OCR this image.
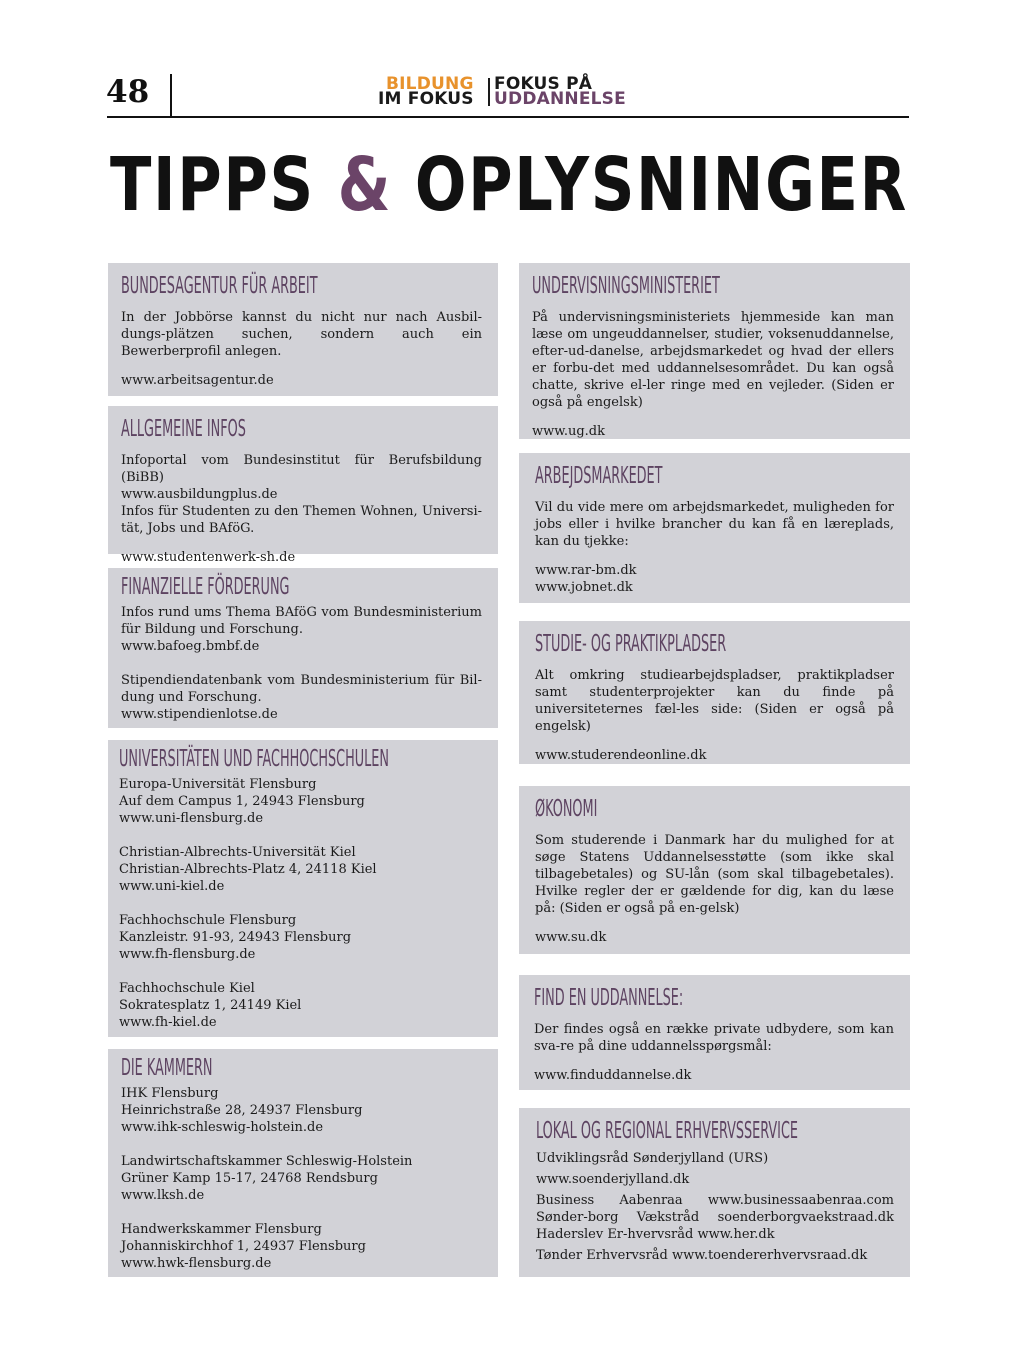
48	BILDUNG
IM FOKUS
FOKUS PÅ
UDDANNELSE
TIPPS & OPLYSNINGER
BUNDESAGENTUR FÜR ARBEIT

In der Jobbörse kannst du nicht nur nach Ausbil-dungs-plätzen suchen, sondern auch ein Bewerberprofil anlegen.

www.arbeitsagentur.de

ALLGEMEINE INFOS

Infoportal vom Bundesinstitut für Berufsbildung (BiBB)
www.ausbildungplus.de
Infos für Studenten zu den Themen Wohnen, Universi-tät, Jobs und BAföG.

www.studentenwerk-sh.de

FINANZIELLE FÖRDERUNG

Infos rund ums Thema BAföG vom Bundesministerium für Bildung und Forschung.
www.bafoeg.bmbf.de

Stipendiendatenbank vom Bundesministerium für Bil-dung und Forschung.
www.stipendienlotse.de

UNIVERSITÄTEN UND FACHHOCHSCHULEN

Europa-Universität Flensburg
Auf dem Campus 1, 24943 Flensburg
www.uni-flensburg.de

Christian-Albrechts-Universität Kiel
Christian-Albrechts-Platz 4, 24118 Kiel
www.uni-kiel.de

Fachhochschule Flensburg
Kanzleistr. 91-93, 24943 Flensburg
www.fh-flensburg.de

Fachhochschule Kiel
Sokratesplatz 1, 24149 Kiel
www.fh-kiel.de

DIE KAMMERN

IHK Flensburg
Heinrichstraße 28, 24937 Flensburg
www.ihk-schleswig-holstein.de

Landwirtschaftskammer Schleswig-Holstein
Grüner Kamp 15-17, 24768 Rendsburg
www.lksh.de

Handwerkskammer Flensburg
Johanniskirchhof 1, 24937 Flensburg
www.hwk-flensburg.de

UNDERVISNINGSMINISTERIET

På undervisningsministeriets hjemmeside kan man læse om ungeuddannelser, studier, voksenuddannelse, efter-ud-danelse, arbejdsmarkedet og hvad der ellers er forbu-det med uddannelsesområdet. Du kan også chatte, skrive el-ler ringe med en vejleder. (Siden er også på engelsk)

www.ug.dk

ARBEJDSMARKEDET

Vil du vide mere om arbejdsmarkedet, muligheden for jobs eller i hvilke brancher du kan få en læreplads, kan du tjekke:

www.rar-bm.dk
www.jobnet.dk

STUDIE- OG PRAKTIKPLADSER

Alt omkring studiearbejdspladser, praktikpladser samt studenterprojekter kan du finde på universiteternes fæl-les side: (Siden er også på engelsk)

www.studerendeonline.dk

ØKONOMI

Som studerende i Danmark har du mulighed for at søge Statens Uddannelsesstøtte (som ikke skal tilbagebetales) og SU-lån (som skal tilbagebetales). Hvilke regler der er gældende for dig, kan du læse på: (Siden er også på en-gelsk)

www.su.dk

FIND EN UDDANNELSE:

Der findes også en række private udbydere, som kan sva-re på dine uddannelsspørgsmål:

www.finduddannelse.dk

LOKAL OG REGIONAL ERHVERVSSERVICE

Udviklingsråd Sønderjylland (URS)

www.soenderjylland.dk

Business Aabenraa www.businessaabenraa.com Sønder-borg Vækstråd soenderborgvaekstraad.dk Haderslev Er-hvervsråd www.her.dk

Tønder Erhvervsråd www.toendererhvervsraad.dk
